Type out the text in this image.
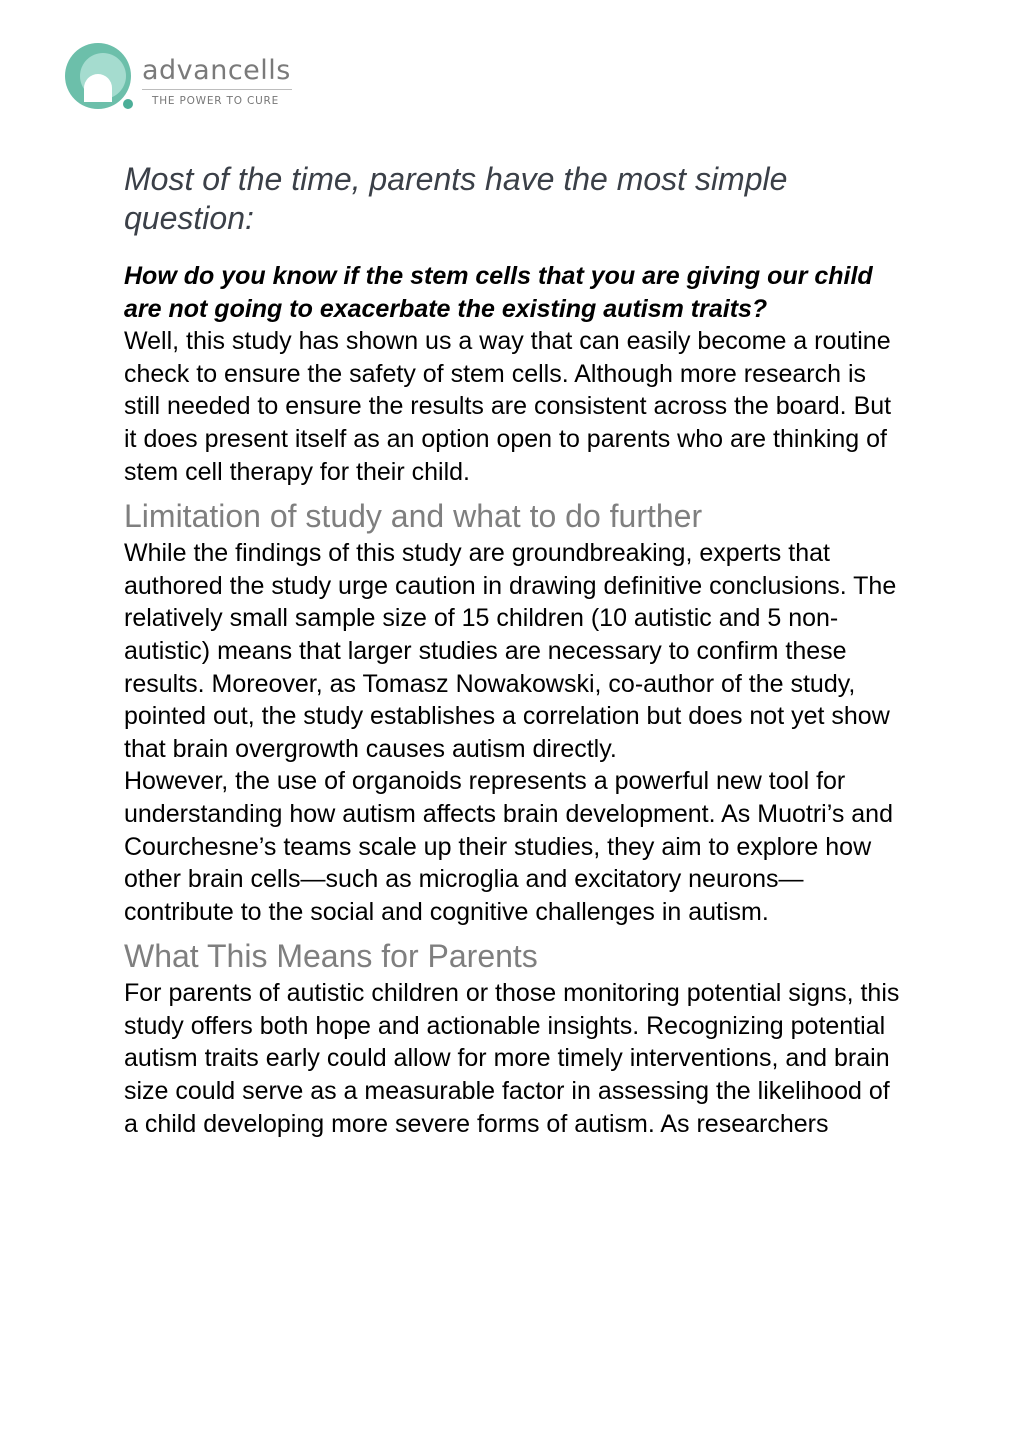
advancells
THE POWER TO CURE

Most of the time, parents have the most simple question:

How do you know if the stem cells that you are giving our child are not going to exacerbate the existing autism traits?

Well, this study has shown us a way that can easily become a routine check to ensure the safety of stem cells. Although more research is still needed to ensure the results are consistent across the board. But it does present itself as an option open to parents who are thinking of stem cell therapy for their child.

Limitation of study and what to do further

While the findings of this study are groundbreaking, experts that authored the study urge caution in drawing definitive conclusions. The relatively small sample size of 15 children (10 autistic and 5 non-autistic) means that larger studies are necessary to confirm these results. Moreover, as Tomasz Nowakowski, co-author of the study, pointed out, the study establishes a correlation but does not yet show that brain overgrowth causes autism directly.

However, the use of organoids represents a powerful new tool for understanding how autism affects brain development. As Muotri’s and Courchesne’s teams scale up their studies, they aim to explore how other brain cells—such as microglia and excitatory neurons—contribute to the social and cognitive challenges in autism.

What This Means for Parents

For parents of autistic children or those monitoring potential signs, this study offers both hope and actionable insights. Recognizing potential autism traits early could allow for more timely interventions, and brain size could serve as a measurable factor in assessing the likelihood of a child developing more severe forms of autism. As researchers
